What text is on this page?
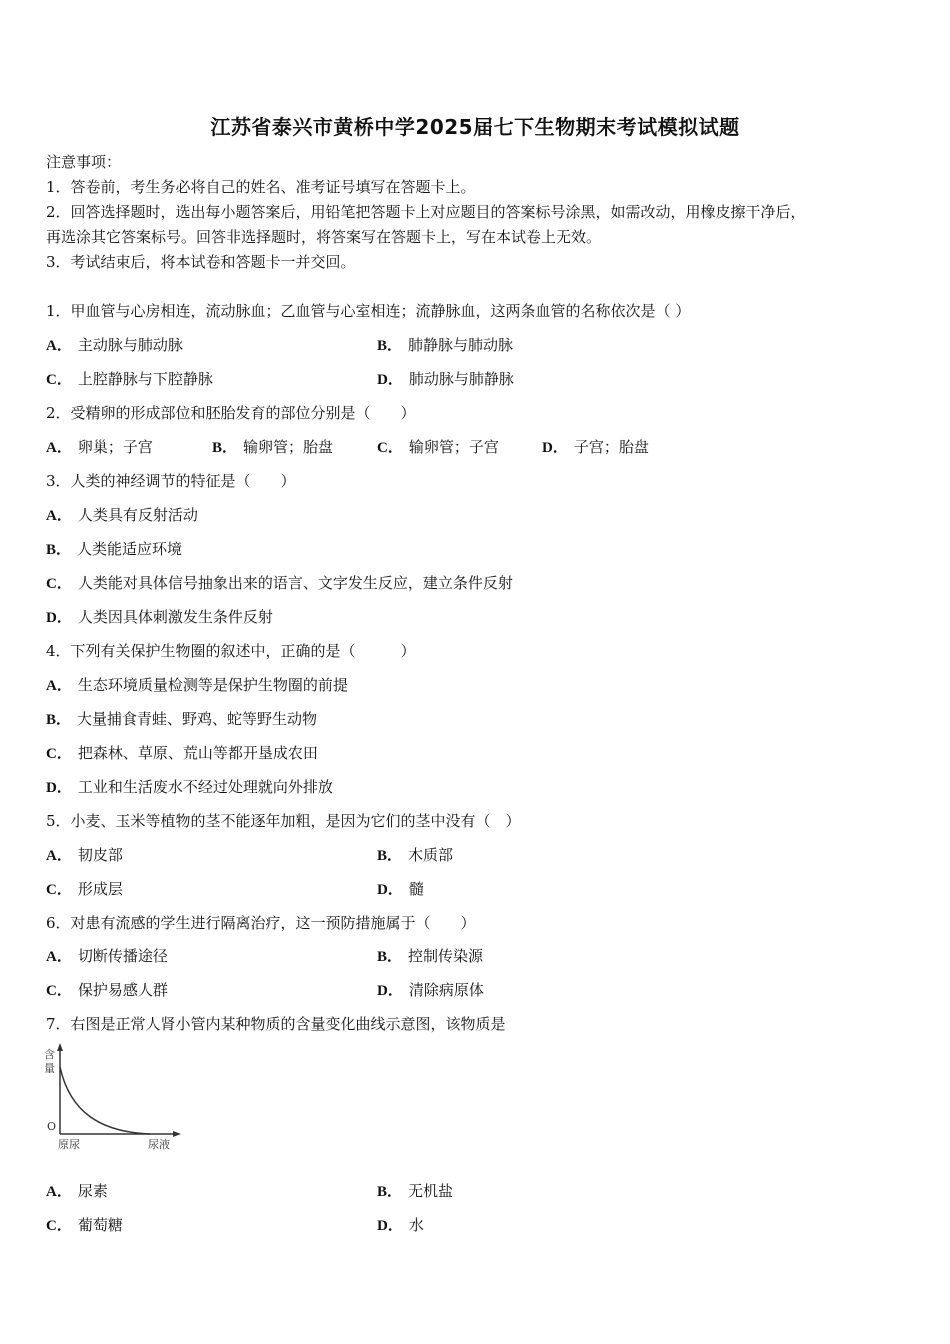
江苏省泰兴市黄桥中学2025届七下生物期末考试模拟试题
注意事项：
1．答卷前，考生务必将自己的姓名、准考证号填写在答题卡上。
2．回答选择题时，选出每小题答案后，用铅笔把答题卡上对应题目的答案标号涂黑，如需改动，用橡皮擦干净后，
再选涂其它答案标号。回答非选择题时，将答案写在答题卡上，写在本试卷上无效。
3．考试结束后，将本试卷和答题卡一并交回。
1．甲血管与心房相连，流动脉血；乙血管与心室相连；流静脉血，这两条血管的名称依次是（ ）
A． 主动脉与肺动脉	B． 肺静脉与肺动脉
C． 上腔静脉与下腔静脉	D． 肺动脉与肺静脉
2．受精卵的形成部位和胚胎发育的部位分别是（　　）
A． 卵巢；子宫	B． 输卵管；胎盘	C． 输卵管；子宫	D． 子宫；胎盘
3．人类的神经调节的特征是（　　）
A． 人类具有反射活动
B． 人类能适应环境
C． 人类能对具体信号抽象出来的语言、文字发生反应，建立条件反射
D． 人类因具体刺激发生条件反射
4．下列有关保护生物圈的叙述中，正确的是（　　　）
A． 生态环境质量检测等是保护生物圈的前提
B． 大量捕食青蛙、野鸡、蛇等野生动物
C． 把森林、草原、荒山等都开垦成农田
D． 工业和生活废水不经过处理就向外排放
5．小麦、玉米等植物的茎不能逐年加粗，是因为它们的茎中没有（　）
A． 韧皮部	B． 木质部
C． 形成层	D． 髓
6．对患有流感的学生进行隔离治疗，这一预防措施属于（　　）
A． 切断传播途径	B． 控制传染源
C． 保护易感人群	D． 清除病原体
7．右图是正常人肾小管内某种物质的含量变化曲线示意图，该物质是
含
量
O
原尿	尿液
A． 尿素	B． 无机盐
C． 葡萄糖	D． 水
